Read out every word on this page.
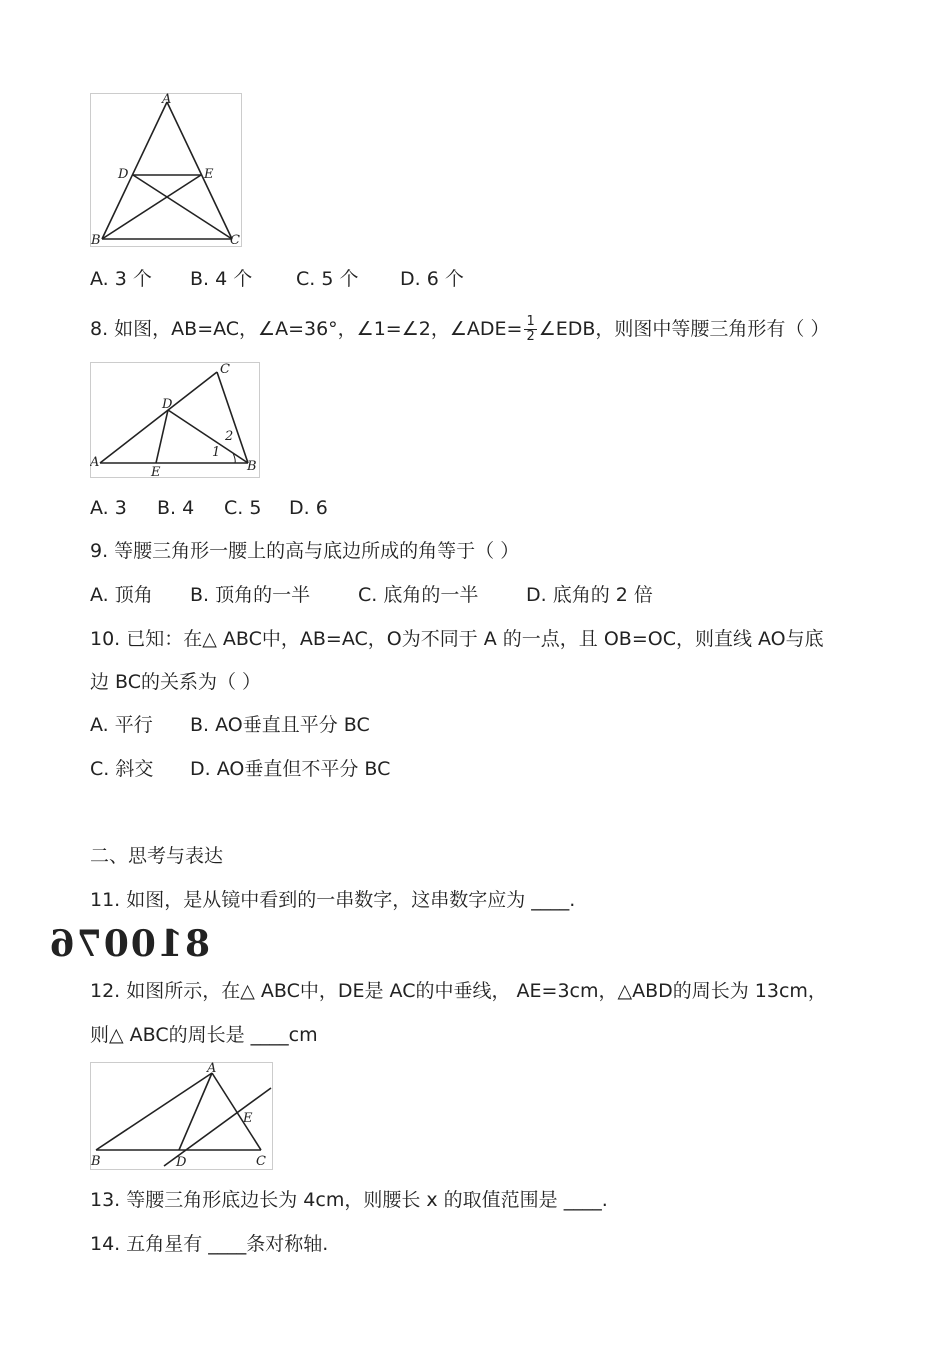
A
D	E
B	C
A. 3 个 B. 4 个 C. 5 个 D. 6 个
8. 如图，AB=AC，∠A=36°，∠1=∠2，∠ADE= $\frac{1}{2}$ ∠EDB，则图中等腰三角形有（ ）
C
D
A
E	B
2
1
A. 3 B. 4 C. 5 D. 6
9. 等腰三角形一腰上的高与底边所成的角等于（ ）
A. 顶角 B. 顶角的一半	C. 底角的一半	D. 底角的 2 倍
10. 已知：在△ ABC中，AB=AC，O为不同于 A 的一点，且 OB=OC，则直线 AO与底
边 BC的关系为（ ）
A. 平行 B. AO垂直且平分 BC
C. 斜交 D. AO垂直但不平分 BC
二、思考与表达
11. 如图，是从镜中看到的一串数字，这串数字应为 ____.
810076
12. 如图所示，在△ ABC中，DE是 AC的中垂线， AE=3cm，△ABD的周长为 13cm，
则△ ABC的周长是 ____cm
A
E
B	D	C
13. 等腰三角形底边长为 4cm，则腰长 x 的取值范围是 ____.
14. 五角星有 ____条对称轴.
